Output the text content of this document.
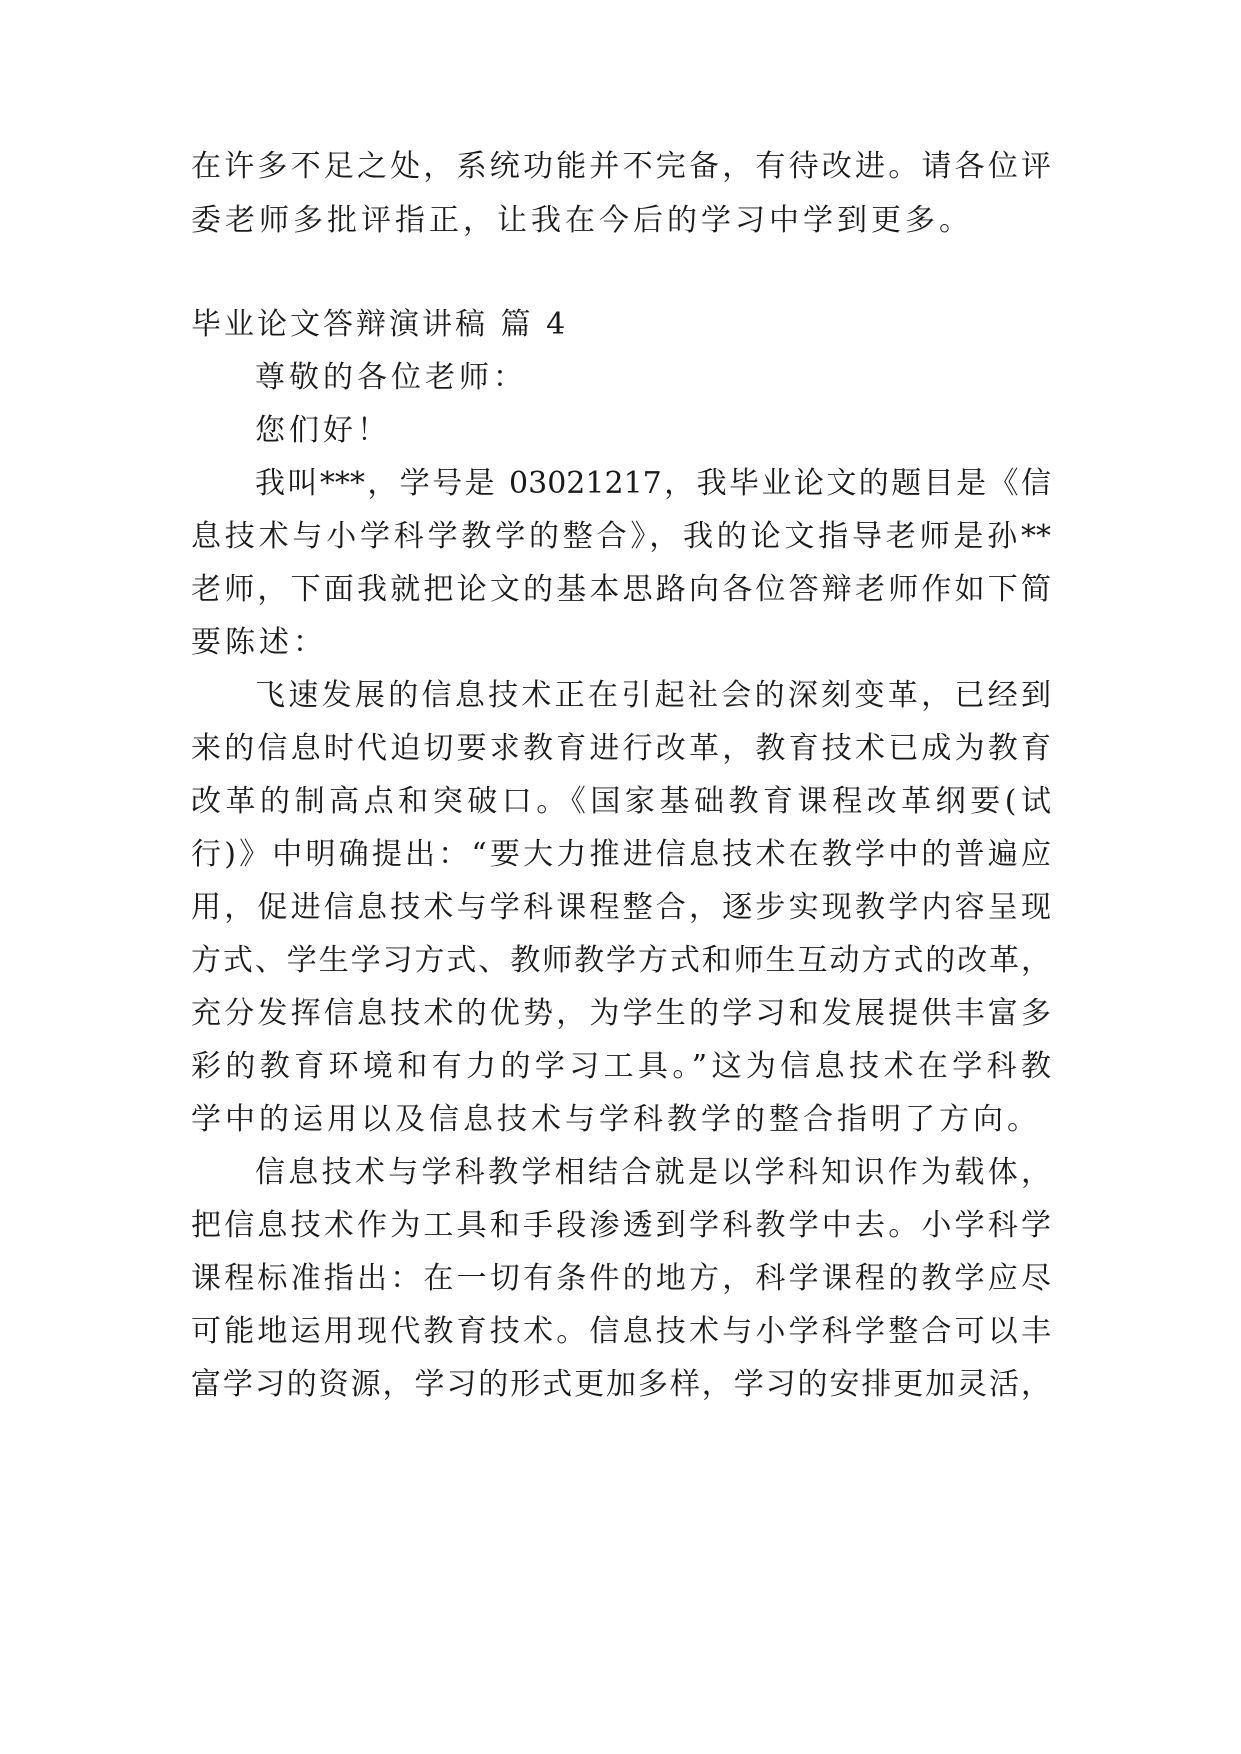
在许多不足之处，系统功能并不完备，有待改进。请各位评

委老师多批评指正，让我在今后的学习中学到更多。

毕业论文答辩演讲稿 篇 4

尊敬的各位老师：

您们好！

我叫***，学号是 03021217，我毕业论文的题目是《信

息技术与小学科学教学的整合》，我的论文指导老师是孙**

老师，下面我就把论文的基本思路向各位答辩老师作如下简

要陈述：

飞速发展的信息技术正在引起社会的深刻变革，已经到

来的信息时代迫切要求教育进行改革，教育技术已成为教育

改革的制高点和突破口。《国家基础教育课程改革纲要(试

行)》中明确提出：“要大力推进信息技术在教学中的普遍应

用，促进信息技术与学科课程整合，逐步实现教学内容呈现

方式、学生学习方式、教师教学方式和师生互动方式的改革，

充分发挥信息技术的优势，为学生的学习和发展提供丰富多

彩的教育环境和有力的学习工具。”这为信息技术在学科教

学中的运用以及信息技术与学科教学的整合指明了方向。

信息技术与学科教学相结合就是以学科知识作为载体，

把信息技术作为工具和手段渗透到学科教学中去。小学科学

课程标准指出：在一切有条件的地方，科学课程的教学应尽

可能地运用现代教育技术。信息技术与小学科学整合可以丰

富学习的资源，学习的形式更加多样，学习的安排更加灵活，
